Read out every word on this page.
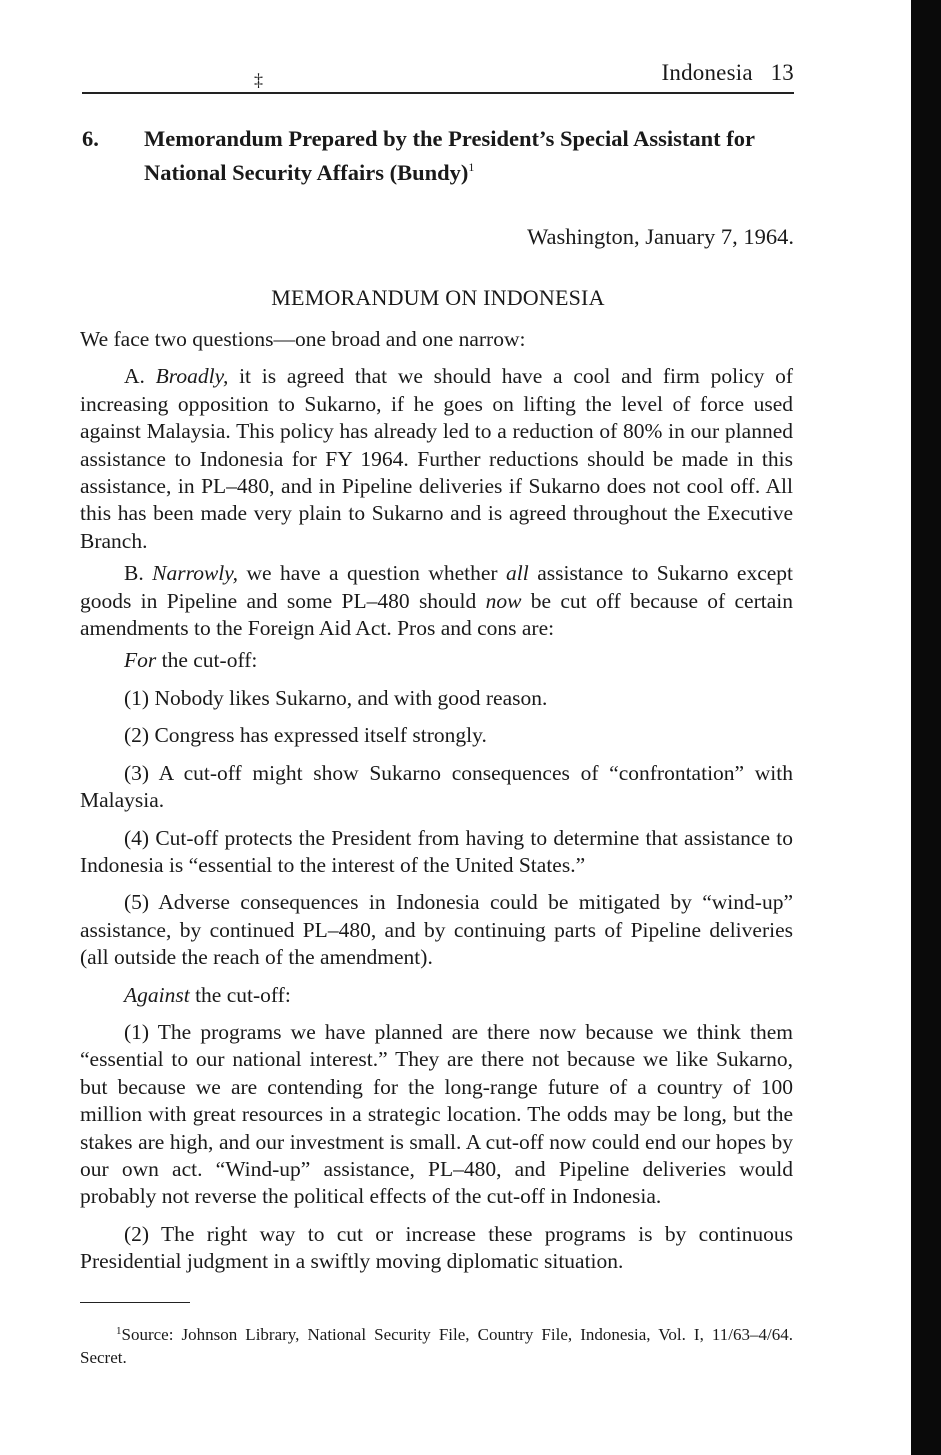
‡	Indonesia 13
6. Memorandum Prepared by the President’s Special Assistant for National Security Affairs (Bundy)$^1$
Washington, January 7, 1964.
MEMORANDUM ON INDONESIA

We face two questions—one broad and one narrow:

A. Broadly, it is agreed that we should have a cool and firm policy of increasing opposition to Sukarno, if he goes on lifting the level of force used against Malaysia. This policy has already led to a reduction of 80% in our planned assistance to Indonesia for FY 1964. Further reductions should be made in this assistance, in PL–480, and in Pipeline deliveries if Sukarno does not cool off. All this has been made very plain to Sukarno and is agreed throughout the Executive Branch.

B. Narrowly, we have a question whether all assistance to Sukarno except goods in Pipeline and some PL–480 should now be cut off because of certain amendments to the Foreign Aid Act. Pros and cons are:

For the cut-off:

(1) Nobody likes Sukarno, and with good reason.

(2) Congress has expressed itself strongly.

(3) A cut-off might show Sukarno consequences of “confrontation” with Malaysia.

(4) Cut-off protects the President from having to determine that assistance to Indonesia is “essential to the interest of the United States.”

(5) Adverse consequences in Indonesia could be mitigated by “wind-up” assistance, by continued PL–480, and by continuing parts of Pipeline deliveries (all outside the reach of the amendment).

Against the cut-off:

(1) The programs we have planned are there now because we think them “essential to our national interest.” They are there not because we like Sukarno, but because we are contending for the long-range future of a country of 100 million with great resources in a strategic location. The odds may be long, but the stakes are high, and our investment is small. A cut-off now could end our hopes by our own act. “Wind-up” assistance, PL–480, and Pipeline deliveries would probably not reverse the political effects of the cut-off in Indonesia.

(2) The right way to cut or increase these programs is by continuous Presidential judgment in a swiftly moving diplomatic situation.

$^1$Source: Johnson Library, National Security File, Country File, Indonesia, Vol. I, 11/63–4/64. Secret.
